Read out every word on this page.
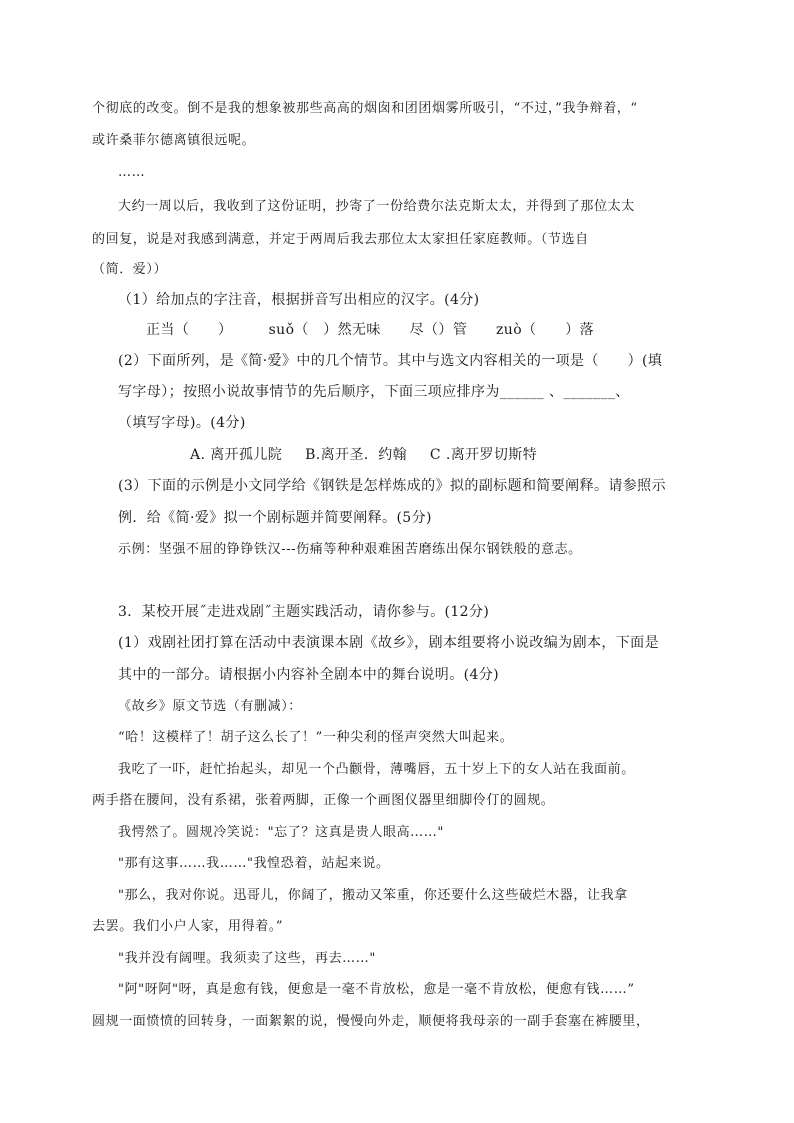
个彻底的改变。倒不是我的想象被那些高高的烟囱和团团烟雾所吸引，“不过，”我争辩着，“
或许桑菲尔德离镇很远呢。
……
大约一周以后，我收到了这份证明，抄寄了一份给费尔法克斯太太，并得到了那位太太
的回复，说是对我感到满意，并定于两周后我去那位太太家担任家庭教师。（节选自
（简．爱））
（1）给加点的字注音，根据拼音写出相应的汉字。(4分)
正当（　　）　　　suǒ（　）然无味　　尽（）管　　zuò（　　）落
(2）下面所列，是《简·爱》中的几个情节。其中与选文内容相关的一项是（　　）(填
写字母）；按照小说故事情节的先后顺序，下面三项应排序为______ 、_______、
（填写字母)。(4分)
A. 离开孤儿院 B.离开圣．约翰 C .离开罗切斯特
(3）下面的示例是小文同学给《钢铁是怎样炼成的》拟的副标题和简要阐释。请参照示
例．给《简·爱》拟一个剧标题并简要阐释。(5分)
示例：坚强不屈的铮铮铁汉---伤痛等种种艰难困苦磨练出保尔钢铁般的意志。
3．某校开展˝走进戏剧˝主题实践活动，请你参与。(12分)
(1）戏剧社团打算在活动中表演课本剧《故乡》，剧本组要将小说改编为剧本，下面是
其中的一部分。请根据小内容补全剧本中的舞台说明。(4分)
《故乡》原文节选（有删减）：
“哈！这模样了！胡子这么长了！”一种尖利的怪声突然大叫起来。
我吃了一吓，赶忙抬起头，却见一个凸颧骨，薄嘴唇，五十岁上下的女人站在我面前。
两手搭在腰间，没有系裙，张着两脚，正像一个画图仪器里细脚伶仃的圆规。
我愕然了。圆规冷笑说："忘了？这真是贵人眼高……"
"那有这事……我……"我惶恐着，站起来说。
"那么，我对你说。迅哥儿，你阔了，搬动又笨重，你还要什么这些破烂木器，让我拿
去罢。我们小户人家，用得着。”
"我并没有阔哩。我须卖了这些，再去……"
"阿"呀阿"呀，真是愈有钱，便愈是一毫不肯放松，愈是一毫不肯放松，便愈有钱……”
圆规一面愤愤的回转身，一面絮絮的说，慢慢向外走，顺便将我母亲的一副手套塞在裤腰里，
